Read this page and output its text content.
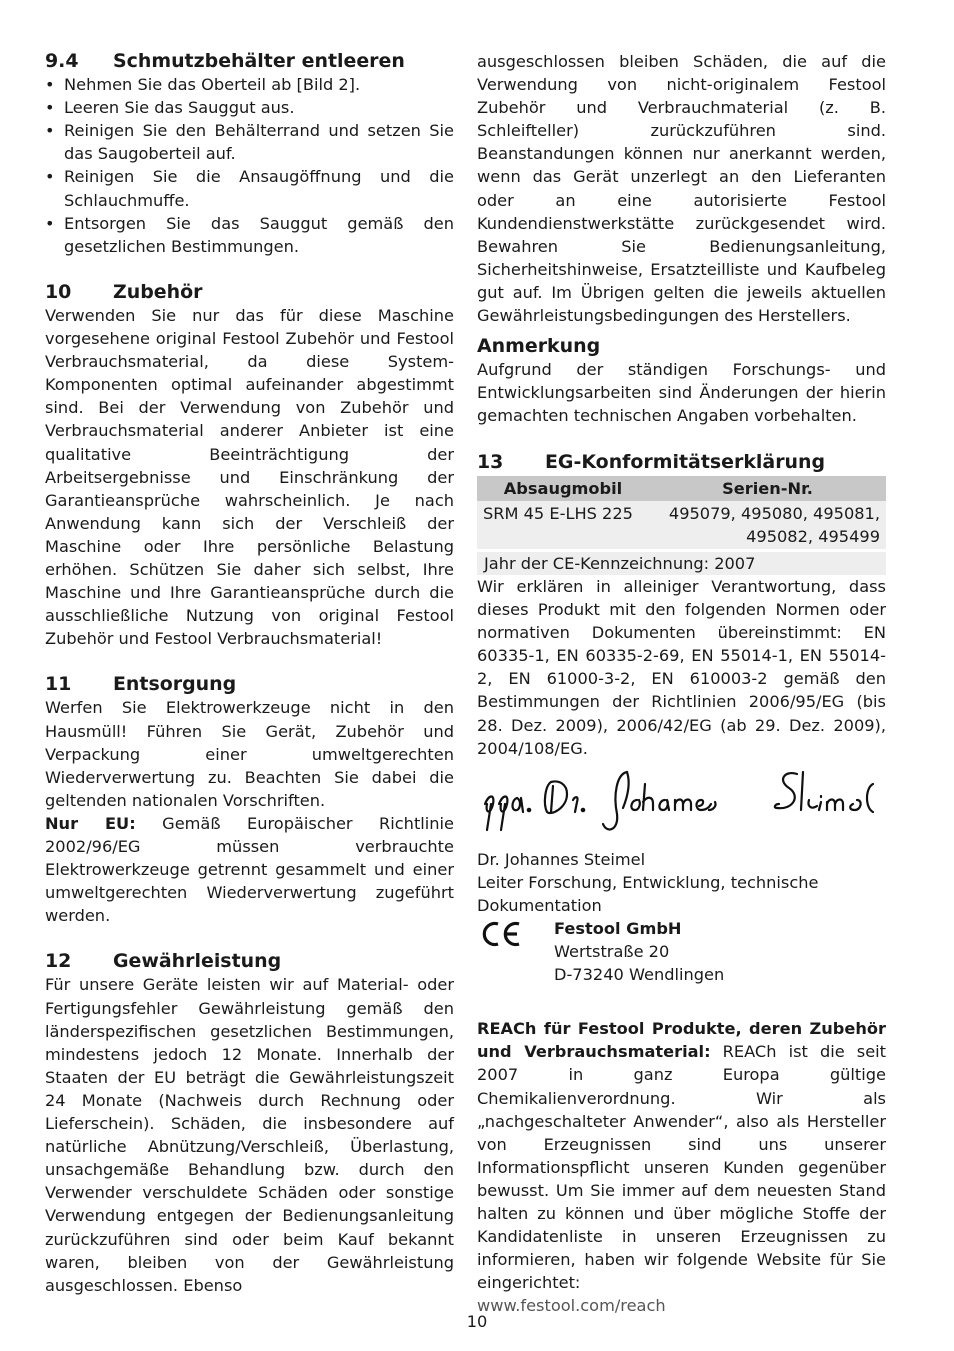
9.4 Schmutzbehälter entleeren
• Nehmen Sie das Oberteil ab [Bild 2].
• Leeren Sie das Sauggut aus.
• Reinigen Sie den Behälterrand und setzen Sie das Saugoberteil auf.
• Reinigen Sie die Ansaugöffnung und die Schlauchmuffe.
• Entsorgen Sie das Sauggut gemäß den gesetzlichen Bestimmungen.
10 Zubehör

Verwenden Sie nur das für diese Maschine vorgesehene original Festool Zubehör und Festool Verbrauchsmaterial, da diese System-Komponenten optimal aufeinander abgestimmt sind. Bei der Verwendung von Zubehör und Verbrauchsmaterial anderer Anbieter ist eine qualitative Beeinträchtigung der Arbeitsergebnisse und Einschränkung der Garantieansprüche wahrscheinlich. Je nach Anwendung kann sich der Verschleiß der Maschine oder Ihre persönliche Belastung erhöhen. Schützen Sie daher sich selbst, Ihre Maschine und Ihre Garantieansprüche durch die ausschließliche Nutzung von original Festool Zubehör und Festool Verbrauchsmaterial!

11 Entsorgung

Werfen Sie Elektrowerkzeuge nicht in den Hausmüll! Führen Sie Gerät, Zubehör und Verpackung einer umweltgerechten Wiederverwertung zu. Beachten Sie dabei die geltenden nationalen Vorschriften.

Nur EU: Gemäß Europäischer Richtlinie 2002/96/EG müssen verbrauchte Elektrowerkzeuge getrennt gesammelt und einer umweltgerechten Wiederverwertung zugeführt werden.

12 Gewährleistung

Für unsere Geräte leisten wir auf Material- oder Fertigungsfehler Gewährleistung gemäß den länderspezifischen gesetzlichen Bestimmungen, mindestens jedoch 12 Monate. Innerhalb der Staaten der EU beträgt die Gewährleistungszeit 24 Monate (Nachweis durch Rechnung oder Lieferschein). Schäden, die insbesondere auf natürliche Abnützung/Verschleiß, Überlastung, unsachgemäße Behandlung bzw. durch den Verwender verschuldete Schäden oder sonstige Verwendung entgegen der Bedienungsanleitung zurückzuführen sind oder beim Kauf bekannt waren, bleiben von der Gewährleistung ausgeschlossen. Ebenso

ausgeschlossen bleiben Schäden, die auf die Verwendung von nicht-originalem Festool Zubehör und Verbrauchmaterial (z. B. Schleifteller) zurückzuführen sind. Beanstandungen können nur anerkannt werden, wenn das Gerät unzerlegt an den Lieferanten oder an eine autorisierte Festool Kundendienstwerkstätte zurückgesendet wird. Bewahren Sie Bedienungsanleitung, Sicherheitshinweise, Ersatzteilliste und Kaufbeleg gut auf. Im Übrigen gelten die jeweils aktuellen Gewährleistungsbedingungen des Herstellers.

Anmerkung

Aufgrund der ständigen Forschungs- und Entwicklungsarbeiten sind Änderungen der hierin gemachten technischen Angaben vorbehalten.

13 EG-Konformitätserklärung
Absaugmobil	Serien-Nr.
SRM 45 E-LHS 225	495079, 495080, 495081,
495082, 495499
Jahr der CE-Kennzeichnung: 2007

Wir erklären in alleiniger Verantwortung, dass dieses Produkt mit den folgenden Normen oder normativen Dokumenten übereinstimmt: EN 60335-1, EN 60335-2-69, EN 55014-1, EN 55014-2, EN 61000-3-2, EN 610003-2 gemäß den Bestimmungen der Richtlinien 2006/95/EG (bis 28. Dez. 2009), 2006/42/EG (ab 29. Dez. 2009), 2004/108/EG.

Dr. Johannes Steimel
Leiter Forschung, Entwicklung, technische Dokumentation
Festool GmbH
Wertstraße 20
D-73240 Wendlingen

REACh für Festool Produkte, deren Zubehör und Verbrauchsmaterial: REACh ist die seit 2007 in ganz Europa gültige Chemikalienverordnung. Wir als „nachgeschalteter Anwender“, also als Hersteller von Erzeugnissen sind uns unserer Informationspflicht unseren Kunden gegenüber bewusst. Um Sie immer auf dem neuesten Stand halten zu können und über mögliche Stoffe der Kandidatenliste in unseren Erzeugnissen zu informieren, haben wir folgende Website für Sie eingerichtet:

www.festool.com/reach
10
